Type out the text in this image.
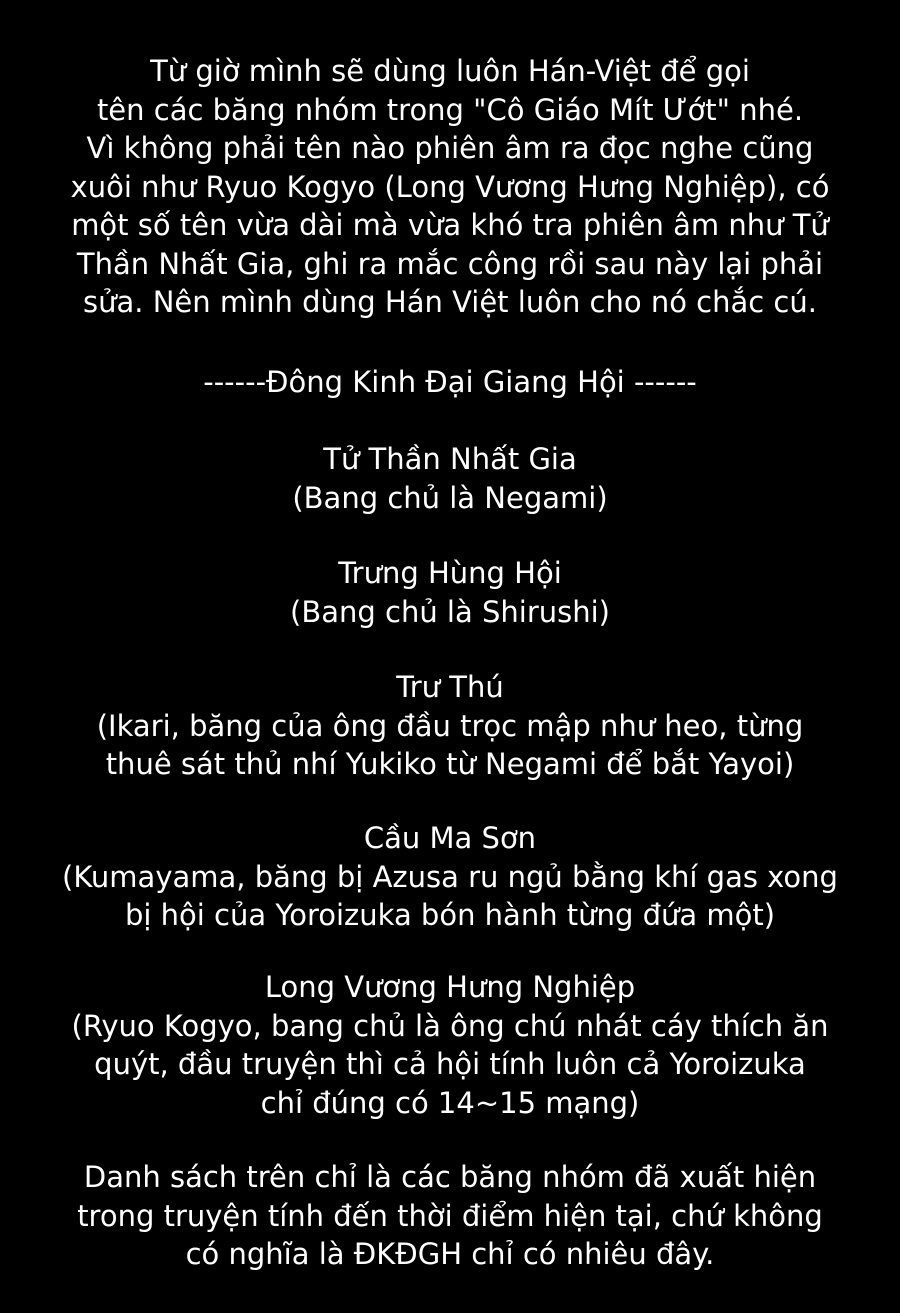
Từ giờ mình sẽ dùng luôn Hán-Việt để gọi
tên các băng nhóm trong "Cô Giáo Mít Ướt" nhé.
Vì không phải tên nào phiên âm ra đọc nghe cũng
xuôi như Ryuo Kogyo (Long Vương Hưng Nghiệp), có
một số tên vừa dài mà vừa khó tra phiên âm như Tử
Thần Nhất Gia, ghi ra mắc công rồi sau này lại phải
sửa. Nên mình dùng Hán Việt luôn cho nó chắc cú.
------Đông Kinh Đại Giang Hội ------
Tử Thần Nhất Gia
(Bang chủ là Negami)
Trưng Hùng Hội
(Bang chủ là Shirushi)
Trư Thú
(Ikari, băng của ông đầu trọc mập như heo, từng
thuê sát thủ nhí Yukiko từ Negami để bắt Yayoi)
Cầu Ma Sơn
(Kumayama, băng bị Azusa ru ngủ bằng khí gas xong
bị hội của Yoroizuka bón hành từng đứa một)
Long Vương Hưng Nghiệp
(Ryuo Kogyo, bang chủ là ông chú nhát cáy thích ăn
quýt, đầu truyện thì cả hội tính luôn cả Yoroizuka
chỉ đúng có 14~15 mạng)
Danh sách trên chỉ là các băng nhóm đã xuất hiện
trong truyện tính đến thời điểm hiện tại, chứ không
có nghĩa là ĐKĐGH chỉ có nhiêu đây.
